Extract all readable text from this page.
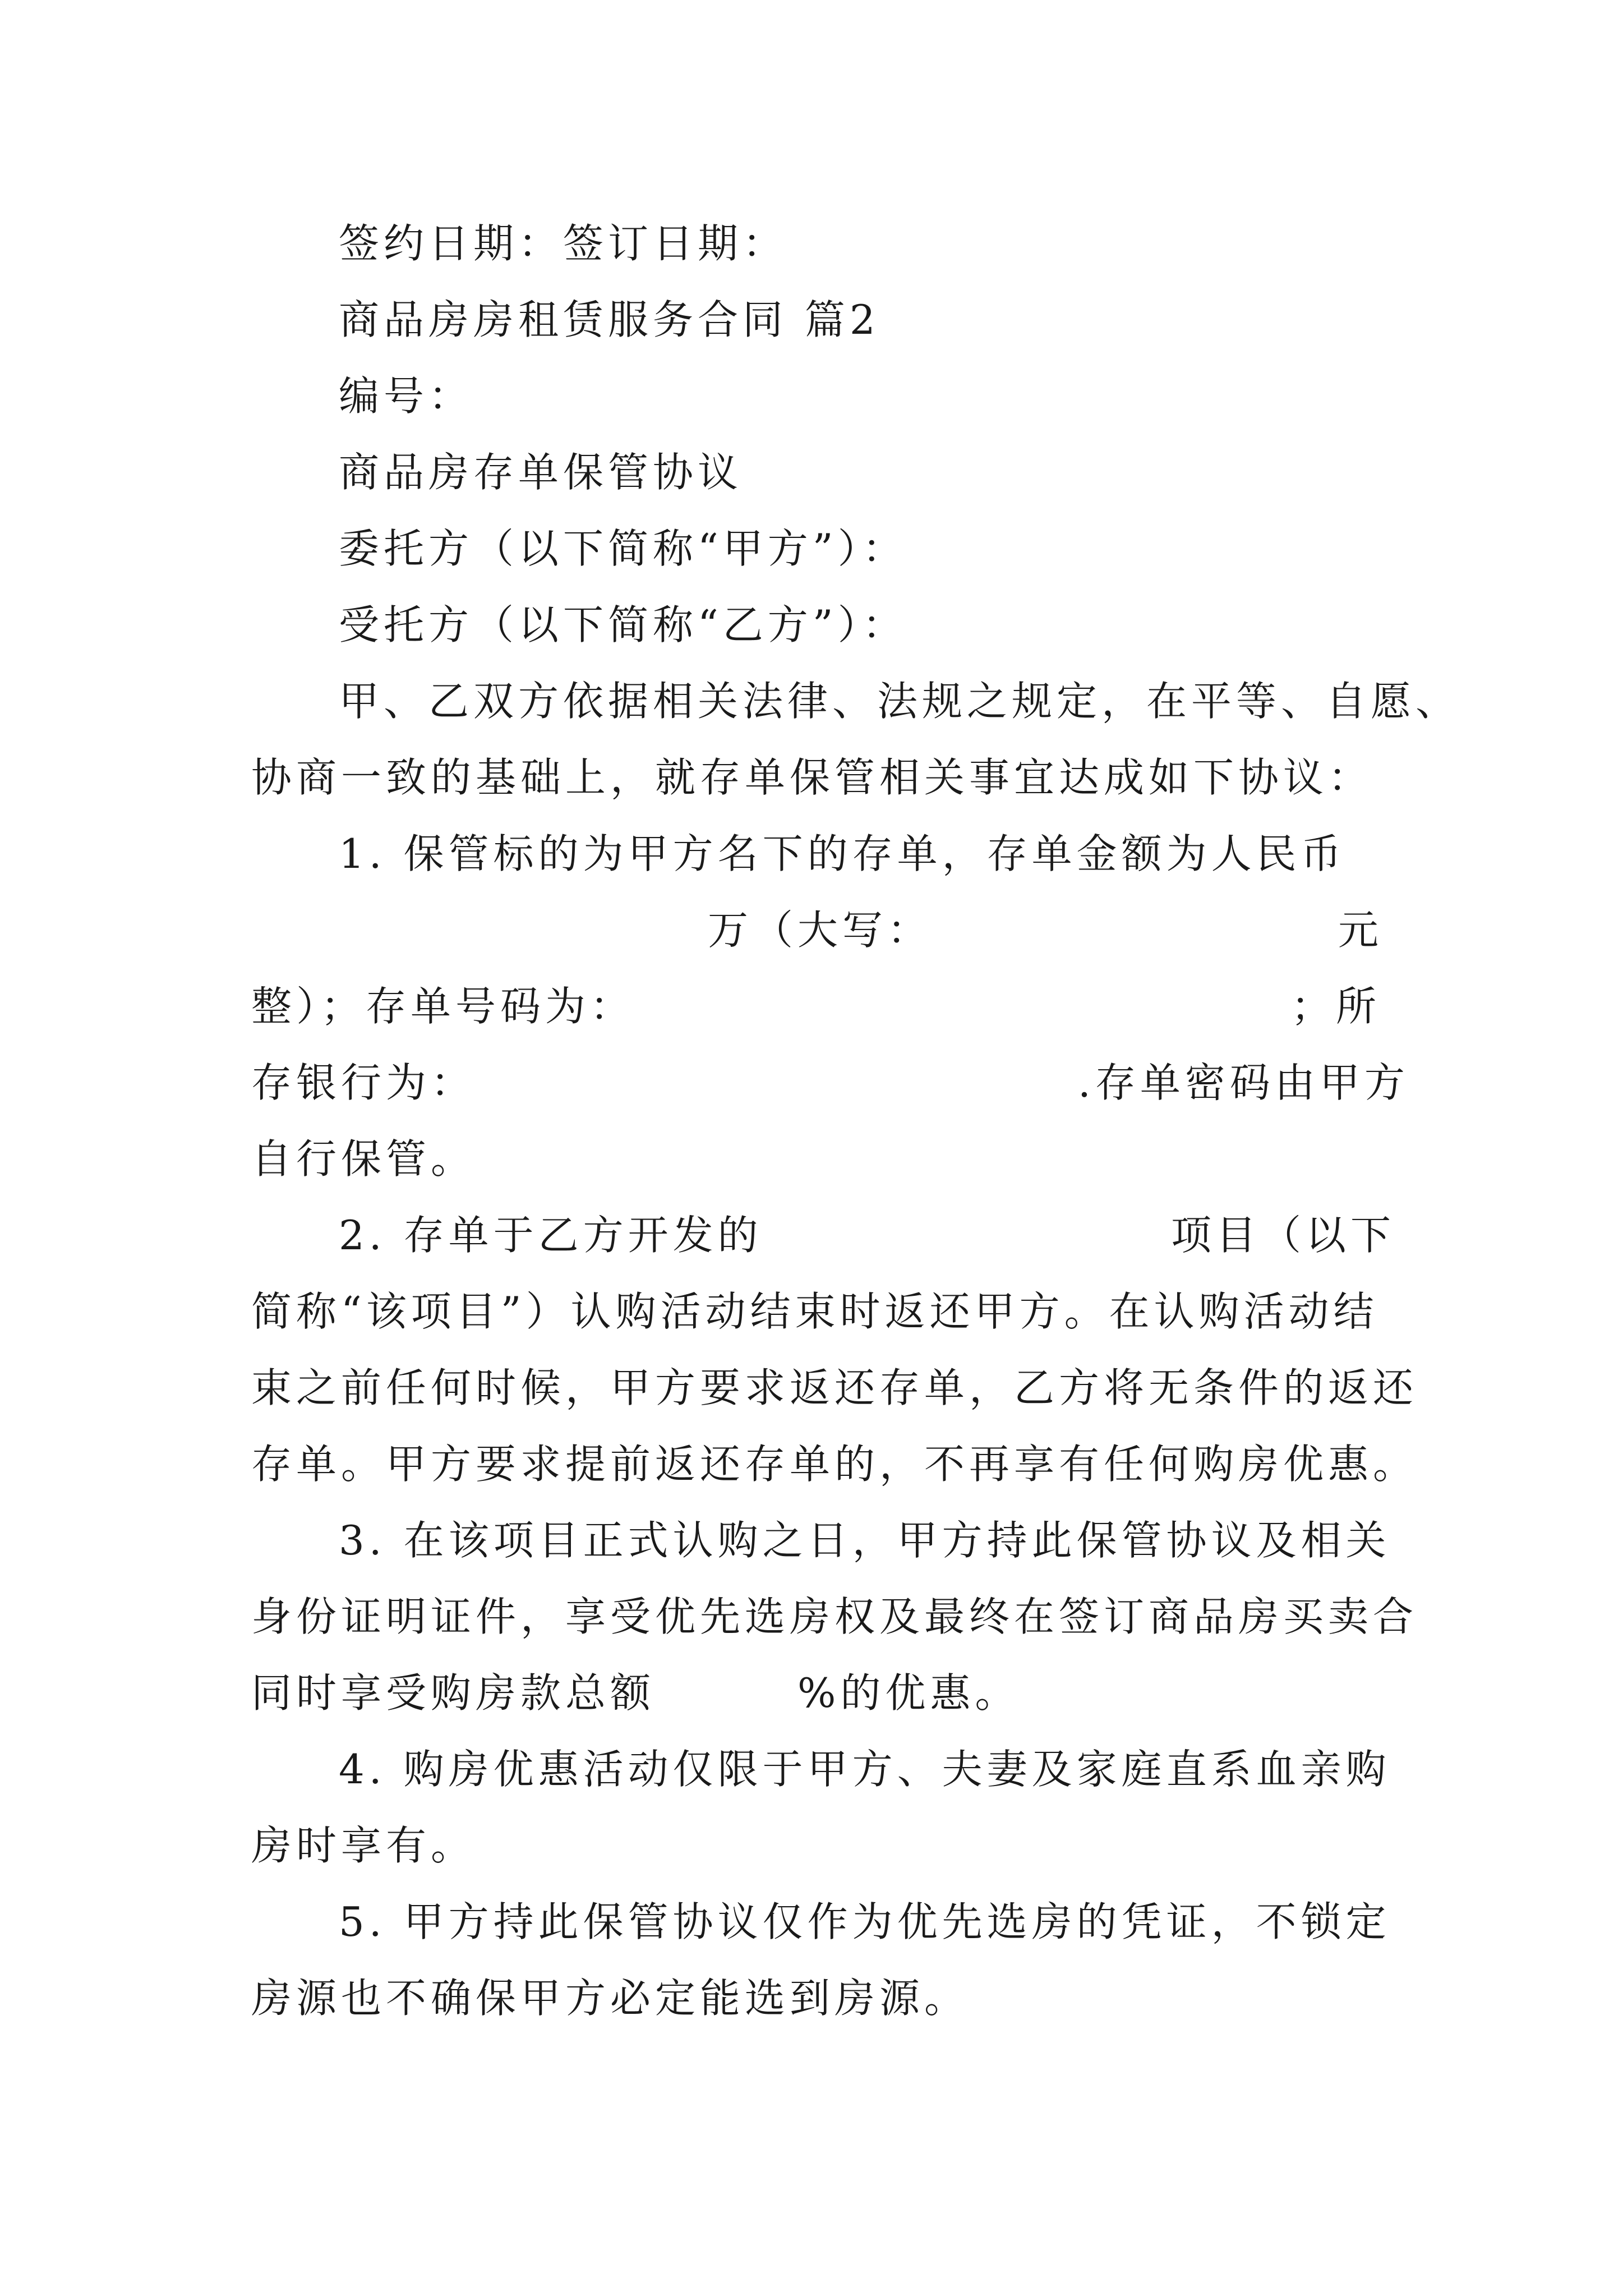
签约日期：签订日期：
商品房房租赁服务合同 篇2
编号：
商品房存单保管协议
委托方（以下简称“甲方”）：
受托方（以下简称“乙方”）：
甲、乙双方依据相关法律、法规之规定，在平等、自愿、
协商一致的基础上，就存单保管相关事宜达成如下协议：
1. 保管标的为甲方名下的存单，存单金额为人民币
万（大写：	元
整）；存单号码为：	；所
存银行为：	.存单密码由甲方
自行保管。
2. 存单于乙方开发的	项目（以下
简称“该项目”）认购活动结束时返还甲方。在认购活动结
束之前任何时候，甲方要求返还存单，乙方将无条件的返还
存单。甲方要求提前返还存单的，不再享有任何购房优惠。
3. 在该项目正式认购之日，甲方持此保管协议及相关
身份证明证件，享受优先选房权及最终在签订商品房买卖合
同时享受购房款总额	%的优惠。
4. 购房优惠活动仅限于甲方、夫妻及家庭直系血亲购
房时享有。
5. 甲方持此保管协议仅作为优先选房的凭证，不锁定
房源也不确保甲方必定能选到房源。
